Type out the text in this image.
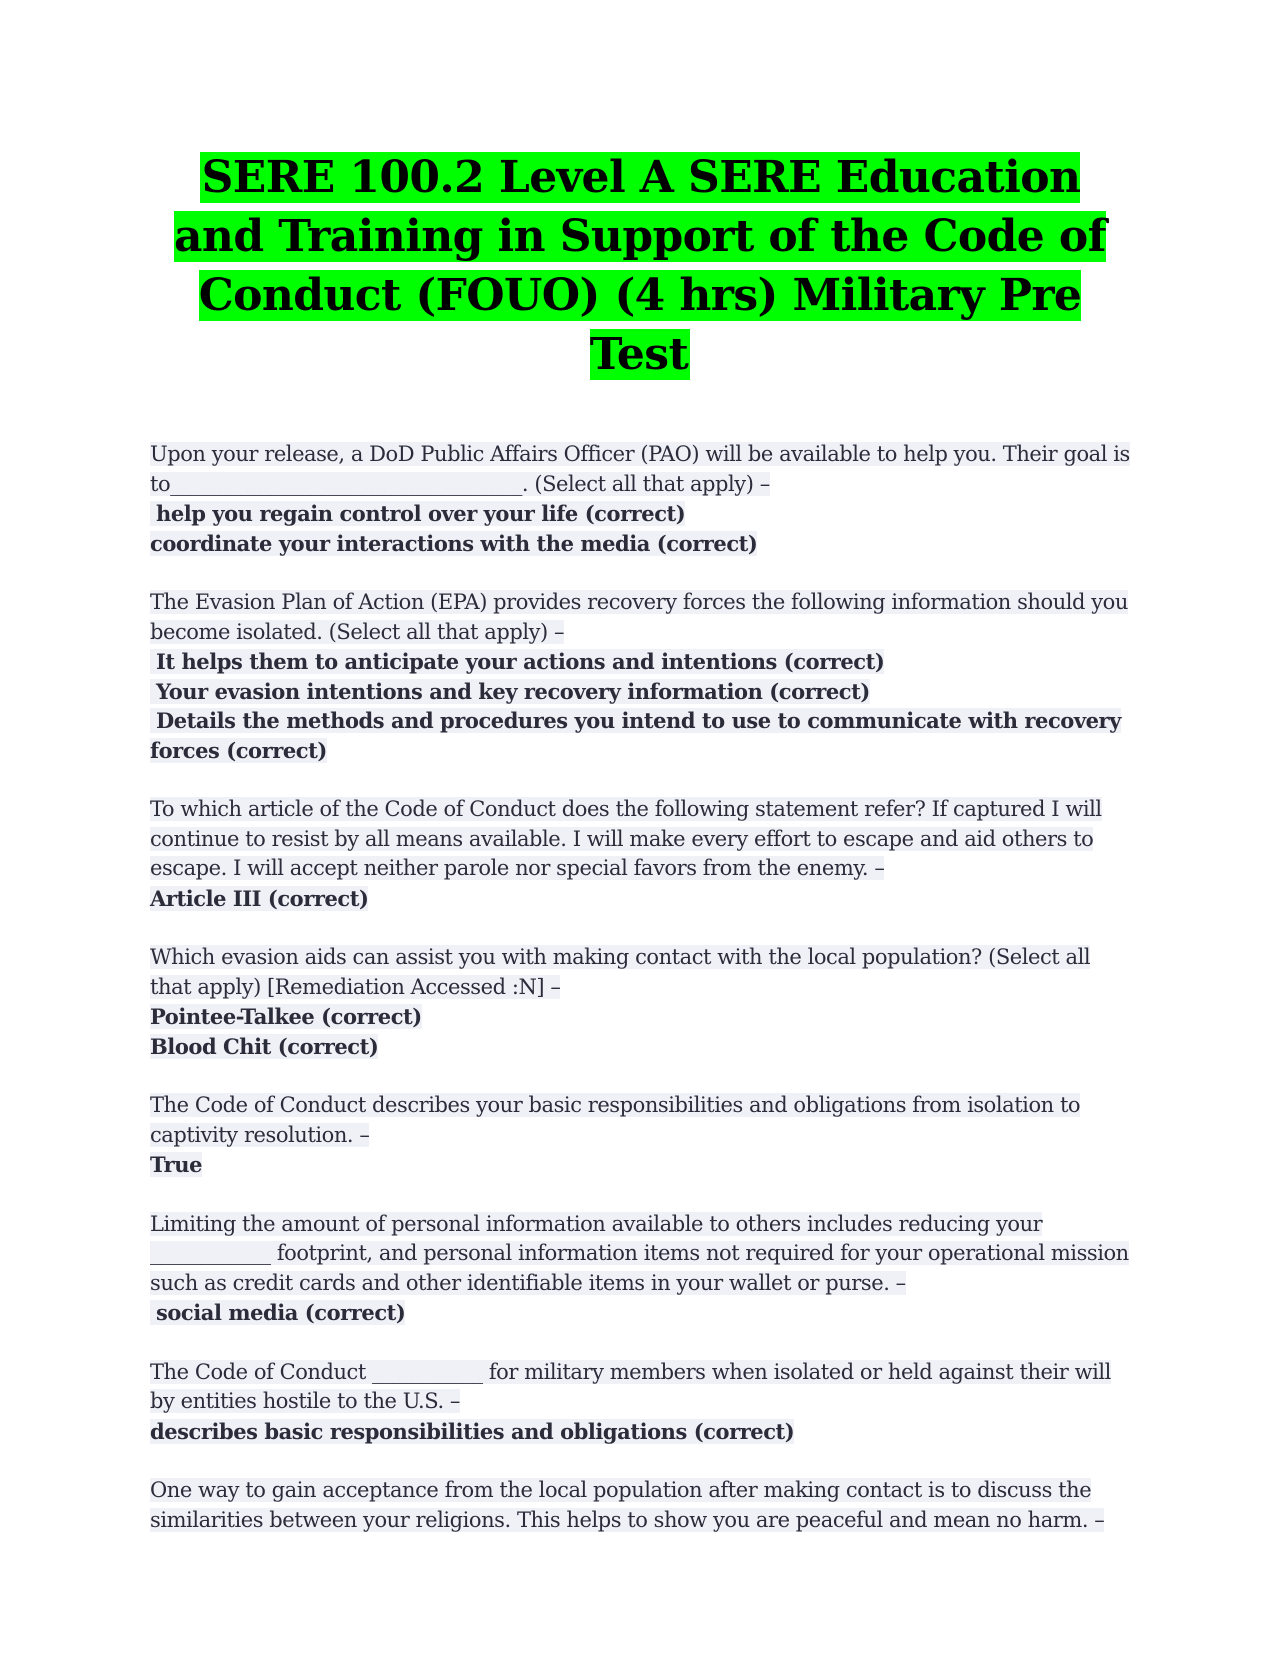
SERE 100.2 Level A SERE Education and Training in Support of the Code of Conduct (FOUO) (4 hrs) Military Pre Test
Upon your release, a DoD Public Affairs Officer (PAO) will be available to help you. Their goal is to___________________________________. (Select all that apply) –
help you regain control over your life (correct)
coordinate your interactions with the media (correct)
The Evasion Plan of Action (EPA) provides recovery forces the following information should you become isolated. (Select all that apply) –
It helps them to anticipate your actions and intentions (correct)
Your evasion intentions and key recovery information (correct)
Details the methods and procedures you intend to use to communicate with recovery forces (correct)
To which article of the Code of Conduct does the following statement refer? If captured I will continue to resist by all means available. I will make every effort to escape and aid others to escape. I will accept neither parole nor special favors from the enemy. –
Article III (correct)
Which evasion aids can assist you with making contact with the local population? (Select all that apply) [Remediation Accessed :N] –
Pointee-Talkee (correct)
Blood Chit (correct)
The Code of Conduct describes your basic responsibilities and obligations from isolation to captivity resolution. –
True
Limiting the amount of personal information available to others includes reducing your ____________ footprint, and personal information items not required for your operational mission such as credit cards and other identifiable items in your wallet or purse. –
social media (correct)
The Code of Conduct ___________ for military members when isolated or held against their will by entities hostile to the U.S. –
describes basic responsibilities and obligations (correct)
One way to gain acceptance from the local population after making contact is to discuss the similarities between your religions. This helps to show you are peaceful and mean no harm. –
